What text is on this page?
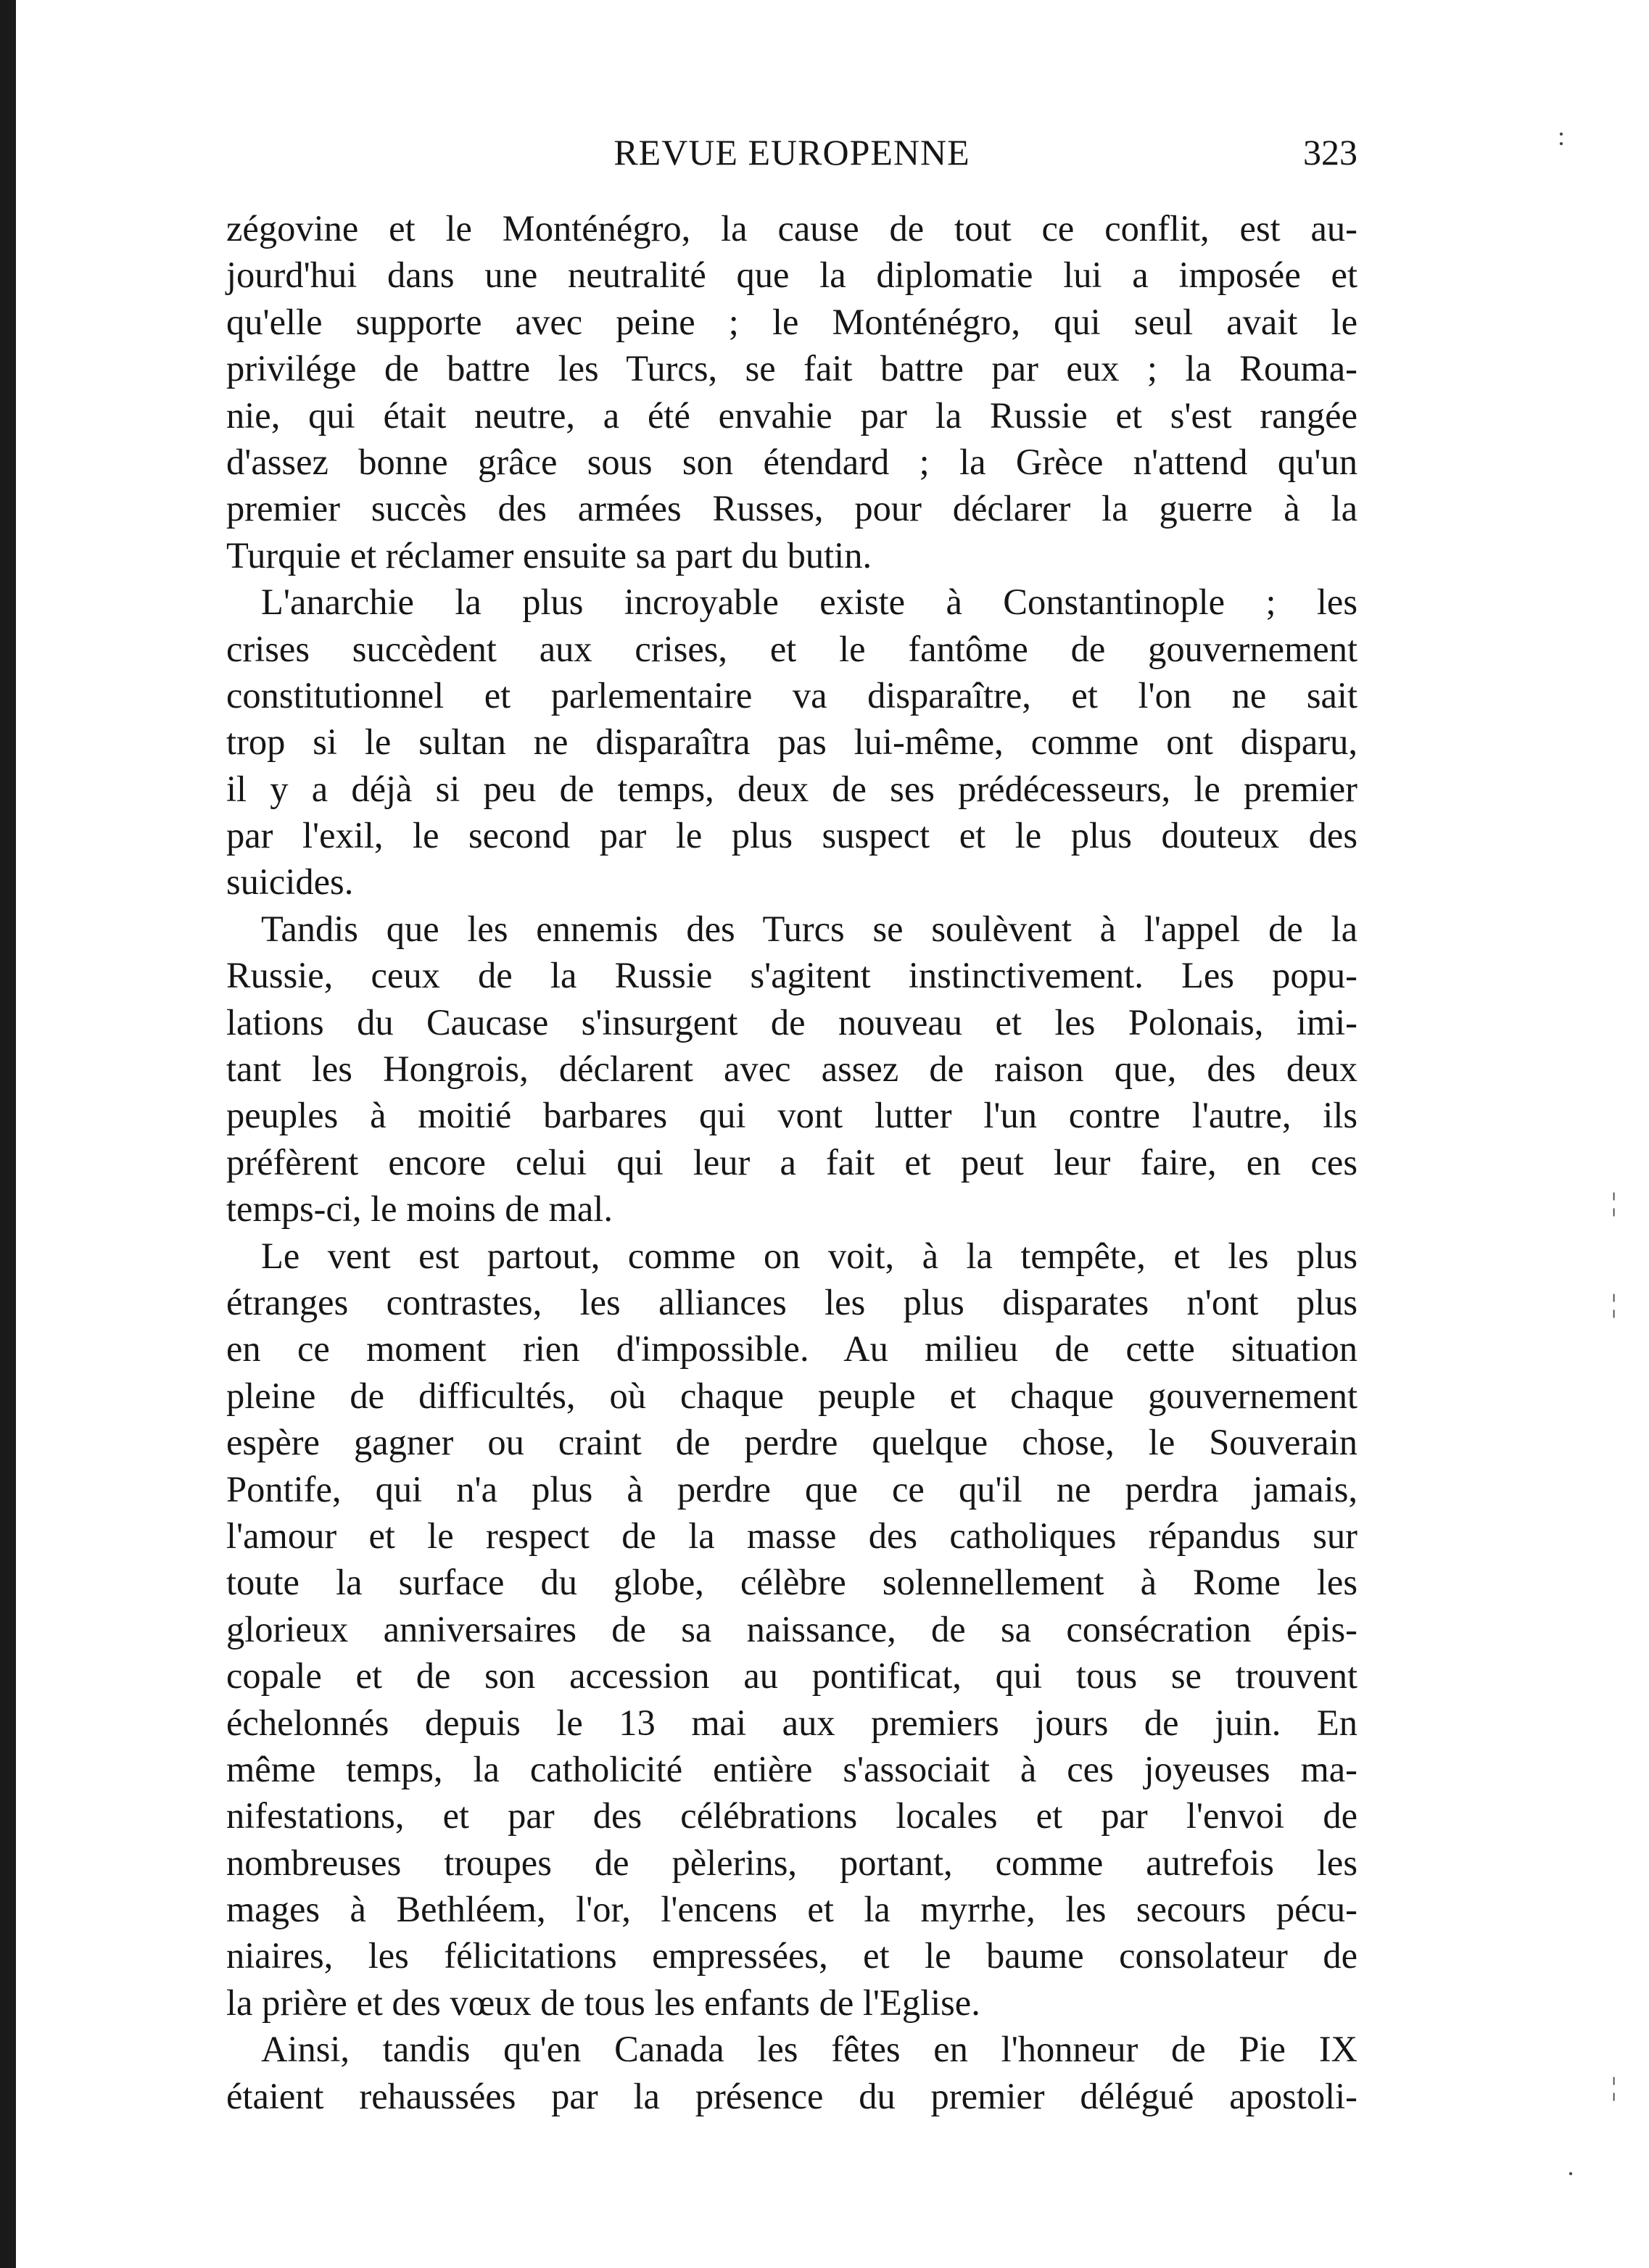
REVUE EUROPENNE	323
zégovine et le Monténégro, la cause de tout ce conflit, est au-
jourd'hui dans une neutralité que la diplomatie lui a imposée et
qu'elle supporte avec peine ; le Monténégro, qui seul avait le
privilége de battre les Turcs, se fait battre par eux ; la Rouma-
nie, qui était neutre, a été envahie par la Russie et s'est rangée
d'assez bonne grâce sous son étendard ; la Grèce n'attend qu'un
premier succès des armées Russes, pour déclarer la guerre à la
Turquie et réclamer ensuite sa part du butin.
L'anarchie la plus incroyable existe à Constantinople ; les
crises succèdent aux crises, et le fantôme de gouvernement
constitutionnel et parlementaire va disparaître, et l'on ne sait
trop si le sultan ne disparaîtra pas lui-même, comme ont disparu,
il y a déjà si peu de temps, deux de ses prédécesseurs, le premier
par l'exil, le second par le plus suspect et le plus douteux des
suicides.
Tandis que les ennemis des Turcs se soulèvent à l'appel de la
Russie, ceux de la Russie s'agitent instinctivement. Les popu-
lations du Caucase s'insurgent de nouveau et les Polonais, imi-
tant les Hongrois, déclarent avec assez de raison que, des deux
peuples à moitié barbares qui vont lutter l'un contre l'autre, ils
préfèrent encore celui qui leur a fait et peut leur faire, en ces
temps-ci, le moins de mal.
Le vent est partout, comme on voit, à la tempête, et les plus
étranges contrastes, les alliances les plus disparates n'ont plus
en ce moment rien d'impossible. Au milieu de cette situation
pleine de difficultés, où chaque peuple et chaque gouvernement
espère gagner ou craint de perdre quelque chose, le Souverain
Pontife, qui n'a plus à perdre que ce qu'il ne perdra jamais,
l'amour et le respect de la masse des catholiques répandus sur
toute la surface du globe, célèbre solennellement à Rome les
glorieux anniversaires de sa naissance, de sa consécration épis-
copale et de son accession au pontificat, qui tous se trouvent
échelonnés depuis le 13 mai aux premiers jours de juin. En
même temps, la catholicité entière s'associait à ces joyeuses ma-
nifestations, et par des célébrations locales et par l'envoi de
nombreuses troupes de pèlerins, portant, comme autrefois les
mages à Bethléem, l'or, l'encens et la myrrhe, les secours pécu-
niaires, les félicitations empressées, et le baume consolateur de
la prière et des vœux de tous les enfants de l'Eglise.
Ainsi, tandis qu'en Canada les fêtes en l'honneur de Pie IX
étaient rehaussées par la présence du premier délégué apostoli-
:
¦
¦
¦
·
